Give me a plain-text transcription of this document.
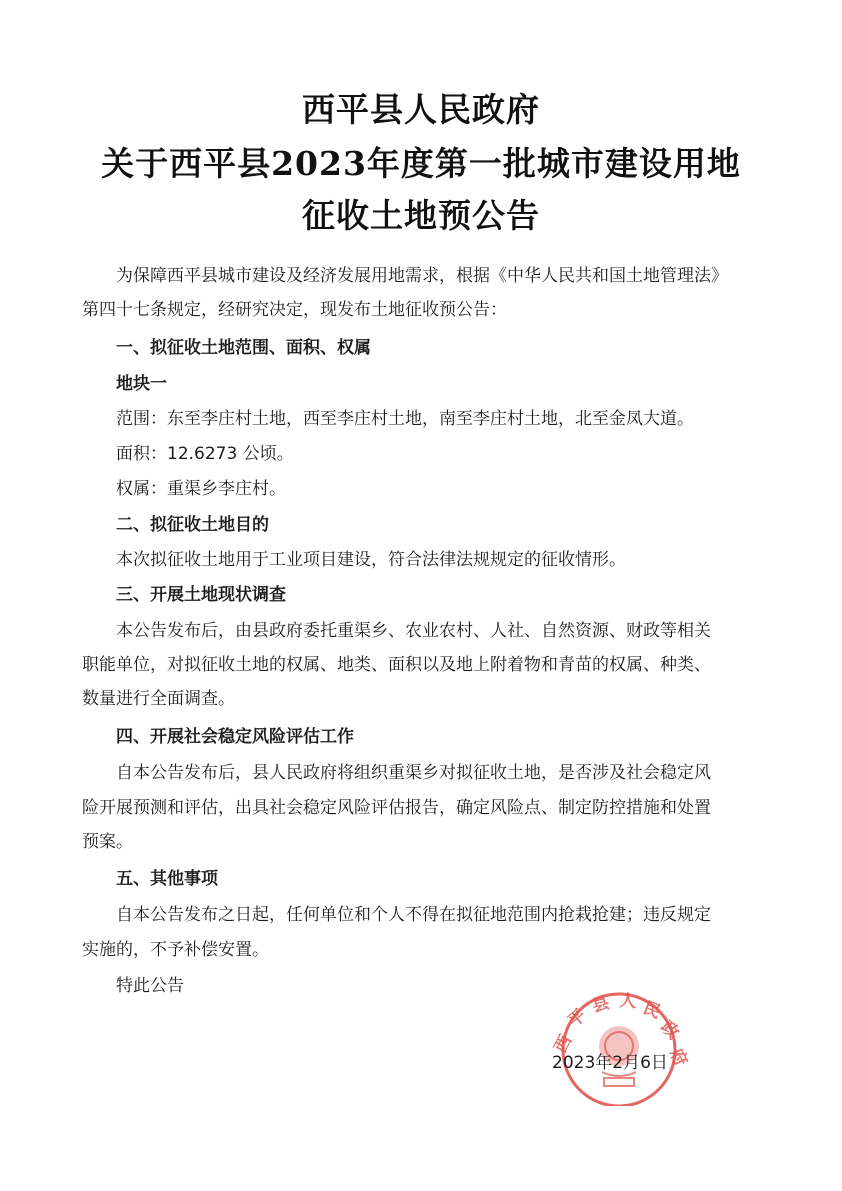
西平县人民政府
关于西平县2023年度第一批城市建设用地
征收土地预公告
为保障西平县城市建设及经济发展用地需求，根据《中华人民共和国土地管理法》
第四十七条规定，经研究决定，现发布土地征收预公告：
一、拟征收土地范围、面积、权属
地块一
范围：东至李庄村土地，西至李庄村土地，南至李庄村土地，北至金凤大道。
面积：12.6273 公顷。
权属：重渠乡李庄村。
二、拟征收土地目的
本次拟征收土地用于工业项目建设，符合法律法规规定的征收情形。
三、开展土地现状调查
本公告发布后，由县政府委托重渠乡、农业农村、人社、自然资源、财政等相关
职能单位，对拟征收土地的权属、地类、面积以及地上附着物和青苗的权属、种类、
数量进行全面调查。
四、开展社会稳定风险评估工作
自本公告发布后，县人民政府将组织重渠乡对拟征收土地，是否涉及社会稳定风
险开展预测和评估，出具社会稳定风险评估报告，确定风险点、制定防控措施和处置
预案。
五、其他事项
自本公告发布之日起，任何单位和个人不得在拟征地范围内抢栽抢建；违反规定
实施的，不予补偿安置。
特此公告
西
平
县 人 民
政
府
2023年2月6日
